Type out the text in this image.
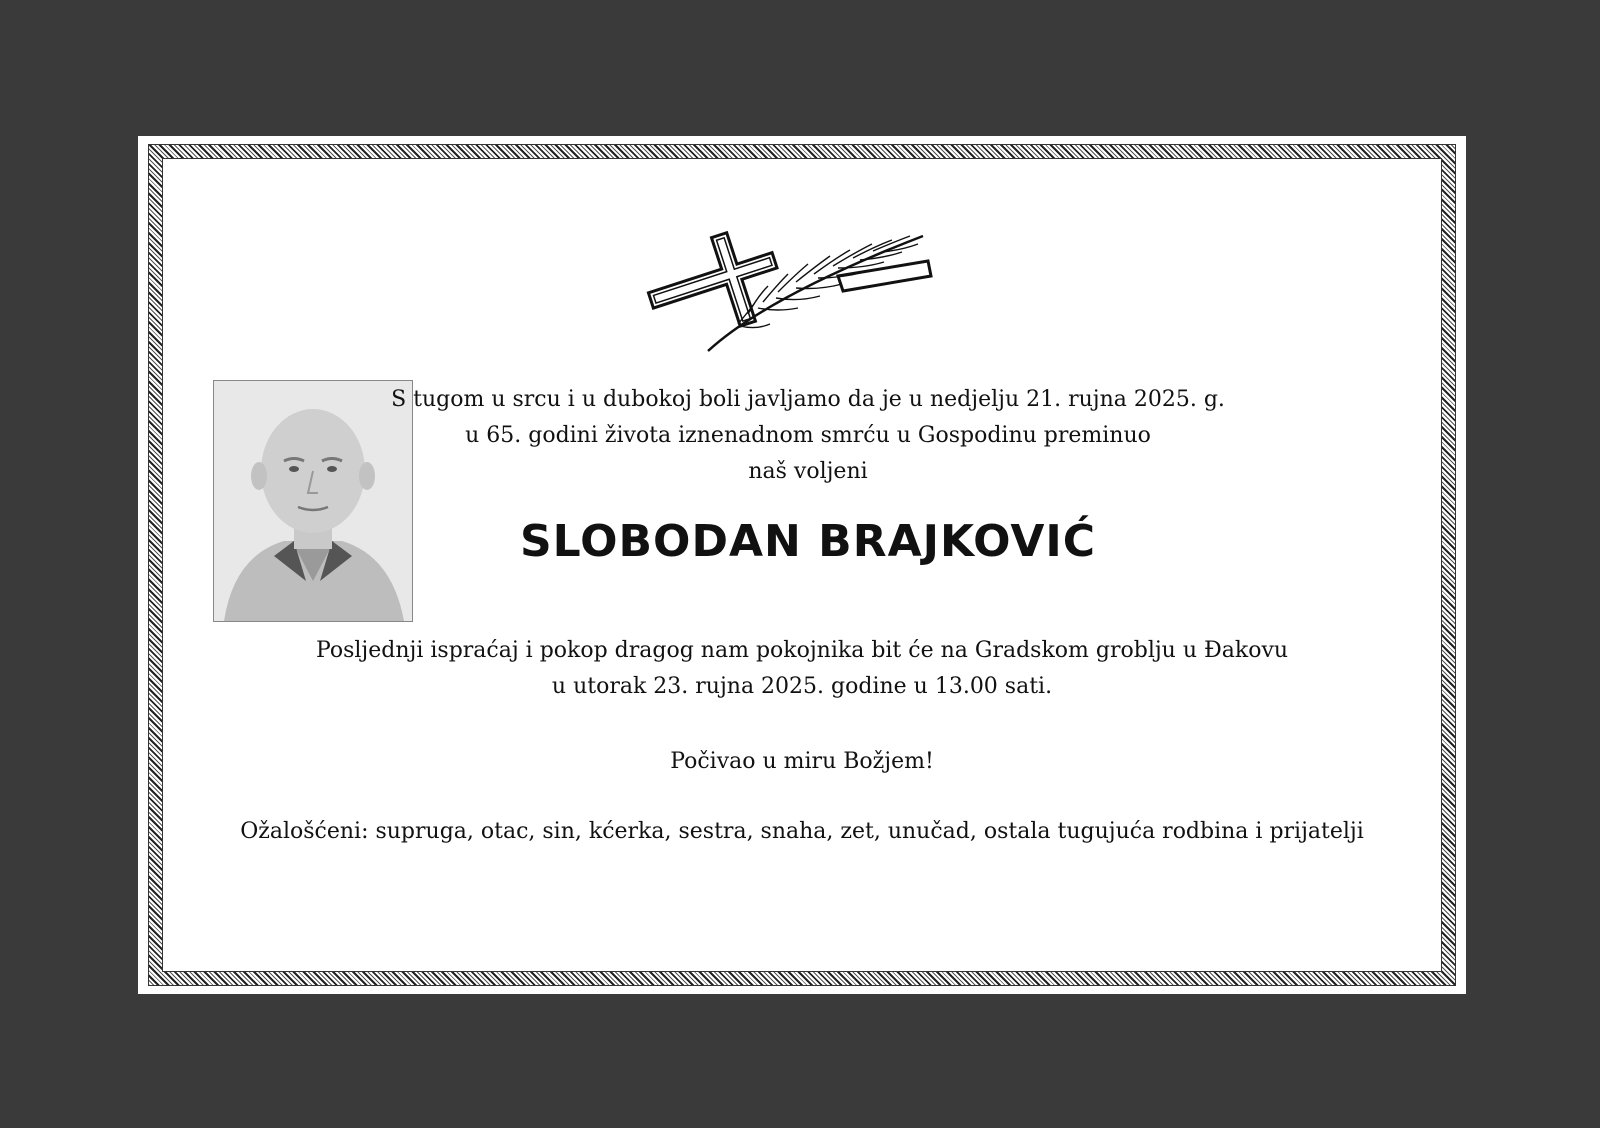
S tugom u srcu i u dubokoj boli javljamo da je u nedjelju 21. rujna 2025. g.
u 65. godini života iznenadnom smrću u Gospodinu preminuo
naš voljeni
SLOBODAN BRAJKOVIĆ
Posljednji ispraćaj i pokop dragog nam pokojnika bit će na Gradskom groblju u Đakovu
u utorak 23. rujna 2025. godine u 13.00 sati.
Počivao u miru Božjem!
Ožalošćeni: supruga, otac, sin, kćerka, sestra, snaha, zet, unučad, ostala tugujuća rodbina i prijatelji
